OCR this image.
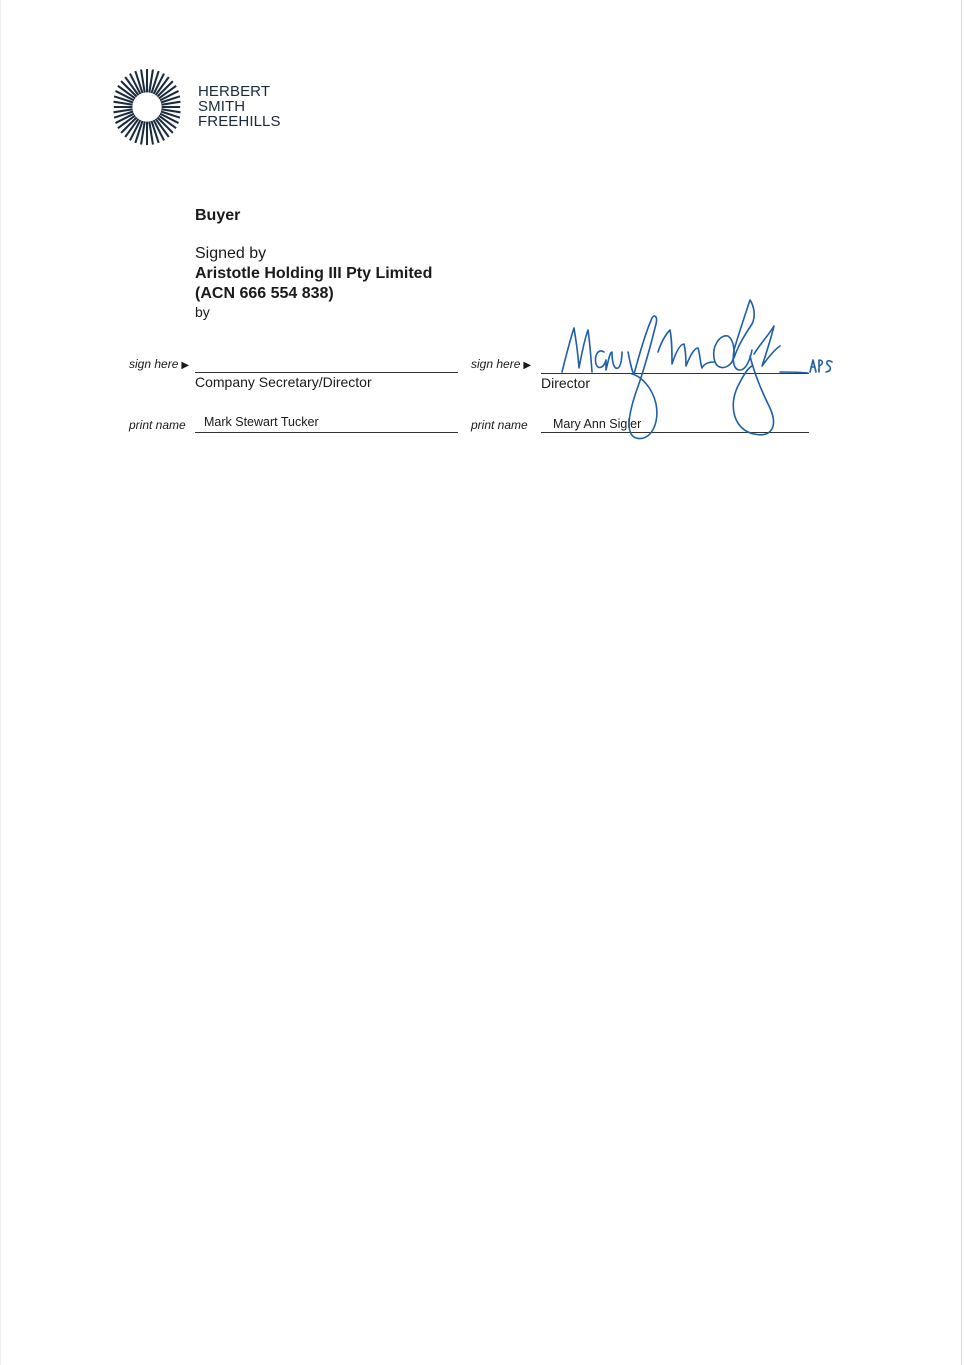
HERBERT
SMITH
FREEHILLS
Buyer
Signed by
Aristotle Holding III Pty Limited
(ACN 666 554 838)
by
sign here ▶
Company Secretary/Director
print name Mark Stewart Tucker
sign here ▶
Director
print name Mary Ann Sigler
